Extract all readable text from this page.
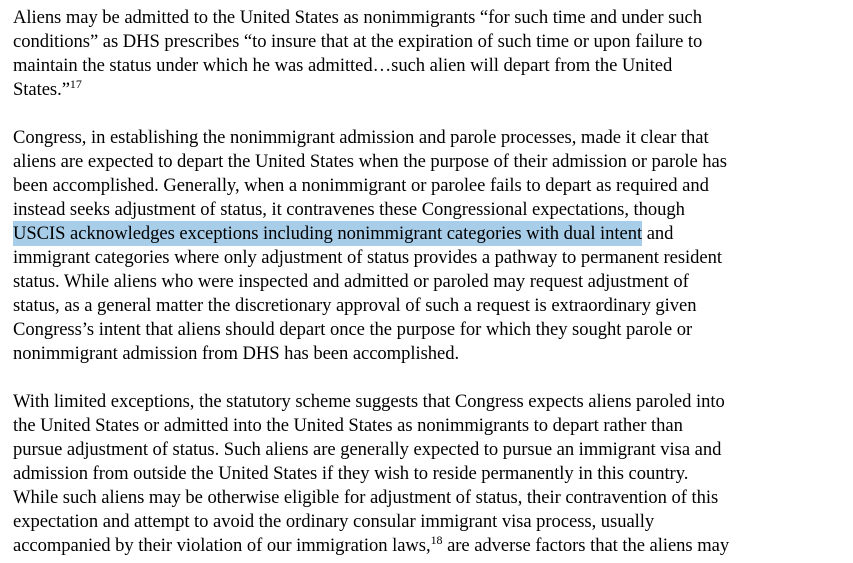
Aliens may be admitted to the United States as nonimmigrants “for such time and under such
conditions” as DHS prescribes “to insure that at the expiration of such time or upon failure to
maintain the status under which he was admitted…such alien will depart from the United
States.”$^{17}$
Congress, in establishing the nonimmigrant admission and parole processes, made it clear that
aliens are expected to depart the United States when the purpose of their admission or parole has
been accomplished. Generally, when a nonimmigrant or parolee fails to depart as required and
instead seeks adjustment of status, it contravenes these Congressional expectations, though
USCIS acknowledges exceptions including nonimmigrant categories with dual intent and
immigrant categories where only adjustment of status provides a pathway to permanent resident
status. While aliens who were inspected and admitted or paroled may request adjustment of
status, as a general matter the discretionary approval of such a request is extraordinary given
Congress’s intent that aliens should depart once the purpose for which they sought parole or
nonimmigrant admission from DHS has been accomplished.
With limited exceptions, the statutory scheme suggests that Congress expects aliens paroled into
the United States or admitted into the United States as nonimmigrants to depart rather than
pursue adjustment of status. Such aliens are generally expected to pursue an immigrant visa and
admission from outside the United States if they wish to reside permanently in this country.
While such aliens may be otherwise eligible for adjustment of status, their contravention of this
expectation and attempt to avoid the ordinary consular immigrant visa process, usually
accompanied by their violation of our immigration laws,$^{18}$ are adverse factors that the aliens may
